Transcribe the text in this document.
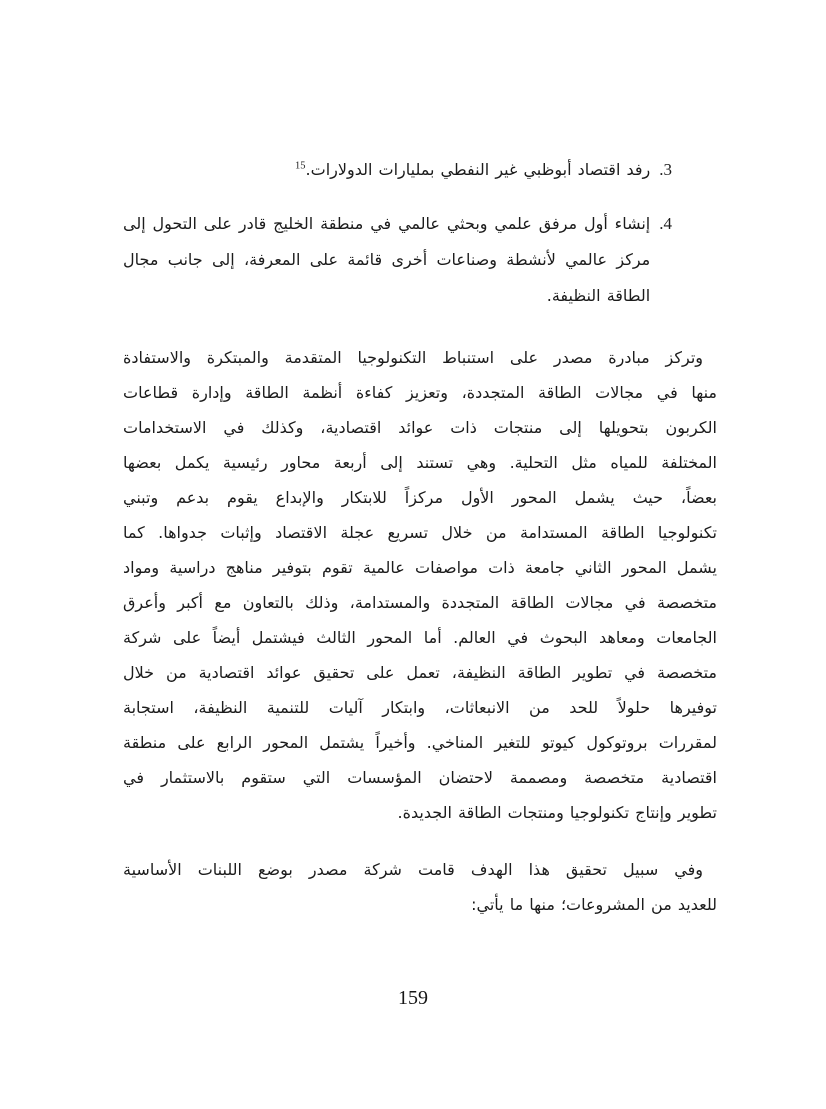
3.
رفد اقتصاد أبوظبي غير النفطي بمليارات الدولارات.$^{15}$
4.
إنشاء أول مرفق علمي وبحثي عالمي في منطقة الخليج قادر على التحول إلى
مركز عالمي لأنشطة وصناعات أخرى قائمة على المعرفة، إلى جانب مجال
الطاقة النظيفة.
وتركز مبادرة مصدر على استنباط التكنولوجيا المتقدمة والمبتكرة والاستفادة
منها في مجالات الطاقة المتجددة، وتعزيز كفاءة أنظمة الطاقة وإدارة قطاعات
الكربون بتحويلها إلى منتجات ذات عوائد اقتصادية، وكذلك في الاستخدامات
المختلفة للمياه مثل التحلية. وهي تستند إلى أربعة محاور رئيسية يكمل بعضها
بعضاً، حيث يشمل المحور الأول مركزاً للابتكار والإبداع يقوم بدعم وتبني
تكنولوجيا الطاقة المستدامة من خلال تسريع عجلة الاقتصاد وإثبات جدواها. كما
يشمل المحور الثاني جامعة ذات مواصفات عالمية تقوم بتوفير مناهج دراسية ومواد
متخصصة في مجالات الطاقة المتجددة والمستدامة، وذلك بالتعاون مع أكبر وأعرق
الجامعات ومعاهد البحوث في العالم. أما المحور الثالث فيشتمل أيضاً على شركة
متخصصة في تطوير الطاقة النظيفة، تعمل على تحقيق عوائد اقتصادية من خلال
توفيرها حلولاً للحد من الانبعاثات، وابتكار آليات للتنمية النظيفة، استجابة
لمقررات بروتوكول كيوتو للتغير المناخي. وأخيراً يشتمل المحور الرابع على منطقة
اقتصادية متخصصة ومصممة لاحتضان المؤسسات التي ستقوم بالاستثمار في
تطوير وإنتاج تكنولوجيا ومنتجات الطاقة الجديدة.
وفي سبيل تحقيق هذا الهدف قامت شركة مصدر بوضع اللبنات الأساسية
للعديد من المشروعات؛ منها ما يأتي:
159
